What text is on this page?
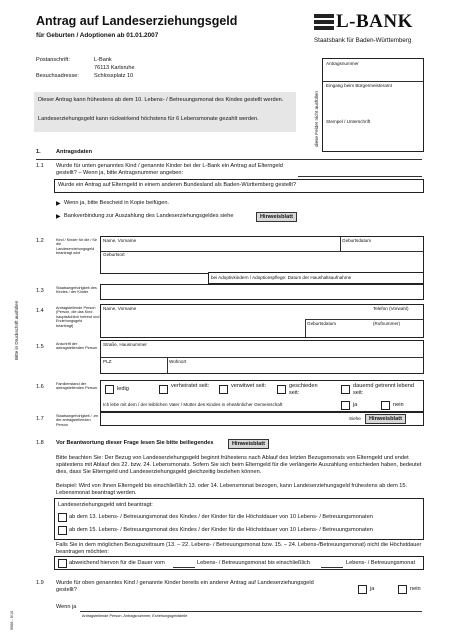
Antrag auf Landeserziehungsgeld
für Geburten / Adoptionen ab 01.01.2007
L-BANK
Staatsbank für Baden-Württemberg
Postanschrift:	L-Bank
76113 Karlsruhe
Besuchsadresse:	Schlossplatz 10
Dieser Antrag kann frühestens ab dem 10. Lebens- / Betreuungsmonat des Kindes gestellt werden.
Landeserziehungsgeld kann rückwirkend höchstens für 6 Lebensmonate gezahlt werden.	diese Felder nicht ausfüllen
Antragsnummer
Eingang beim Bürgermeisteramt
Stempel / Unterschrift
Bitte in Druckschrift ausfüllen
1.	Antragsdaten
1.1 Wurde für unten genanntes Kind / genannte Kinder bei der L-Bank ein Antrag auf Elterngeld gestellt? – Wenn ja, bitte Antragsnummer angeben:
Wurde ein Antrag auf Elterngeld in einem anderen Bundesland als Baden-Württemberg gestellt?
▶ Wenn ja, bitte Bescheid in Kopie beifügen.
▶ Bankverbindung zur Auszahlung des Landeserziehungsgeldes siehe	Hinweisblatt
1.2	Kind / Kinder für die / für die Landeserziehungsgeld beantragt wird
Name, Vorname	Geburtsdatum
Geburtsort
bei Adoptivkindern / Adoptionspflege: Datum der Haushaltsaufnahme
1.3	Staatsangehörigkeit des Kindes / der Kinder
1.4	Antragstellende Person (Person, die das Kind hauptsächlich betreut und Erziehungsgeld beantragt)
Name, Vorname	Telefon (Vorwahl)
Geburtsdatum	(Rufnummer)
1.5	Anschrift der antragstellenden Person
Straße, Hausnummer
PLZ	Wohnort
1.6	Familienstand der antragstellenden Person	ledig	verheiratet seit:	verwitwet seit:	geschieden seit:
dauernd getrennt lebend seit:
Ich lebe mit dem / der leiblichen Vater / Mutter des Kindes in eheähnlicher Gemeinschaft	ja	nein
1.7	Staatsangehörigkeit / -en der antragstellenden Person
Siehe	Hinweisblatt
1.8 Vor Beantwortung dieser Frage lesen Sie bitte beiliegendes	Hinweisblatt
Bitte beachten Sie: Der Bezug von Landeserziehungsgeld beginnt frühestens nach Ablauf des letzten Bezugsmonats von Elterngeld und endet spätestens mit Ablauf des 22. bzw. 24. Lebensmonats. Sofern Sie sich beim Elterngeld für die verlängerte Auszahlung entschieden haben, bedeutet dies, dass Sie Elterngeld und Landeserziehungsgeld gleichzeitig beziehen können.
Beispiel: Wird von Ihnen Elterngeld bis einschließlich 13. oder 14. Lebensmonat bezogen, kann Landeserziehungsgeld frühestens ab dem 15. Lebensmonat beantragt werden.
Landeserziehungsgeld wird beantragt:
ab dem 13. Lebens- / Betreuungsmonat des Kindes / der Kinder für die Höchstdauer von 10 Lebens- / Betreuungsmonaten
ab dem 15. Lebens- / Betreuungsmonat des Kindes / der Kinder für die Höchstdauer von 10 Lebens- / Betreuungsmonaten
Falls Sie in dem möglichen Bezugszeitraum (13. – 22. Lebens- / Betreuungsmonat bzw. 15. – 24. Lebens-/Betreuungsmonat) nicht die Höchstdauer beantragen möchten:
abweichend hiervon für die Dauer vom	Lebens- / Betreuungsmonat bis einschließlich	Lebens- / Betreuungsmonat
1.9 Wurde für oben genanntes Kind / genannte Kinder bereits ein anderer Antrag auf Landeserziehungsgeld gestellt?	ja	nein
Wenn ja
Antragstellende Person, Antragsnummer, Erziehungsgeldstelle
9566 - 5/10
